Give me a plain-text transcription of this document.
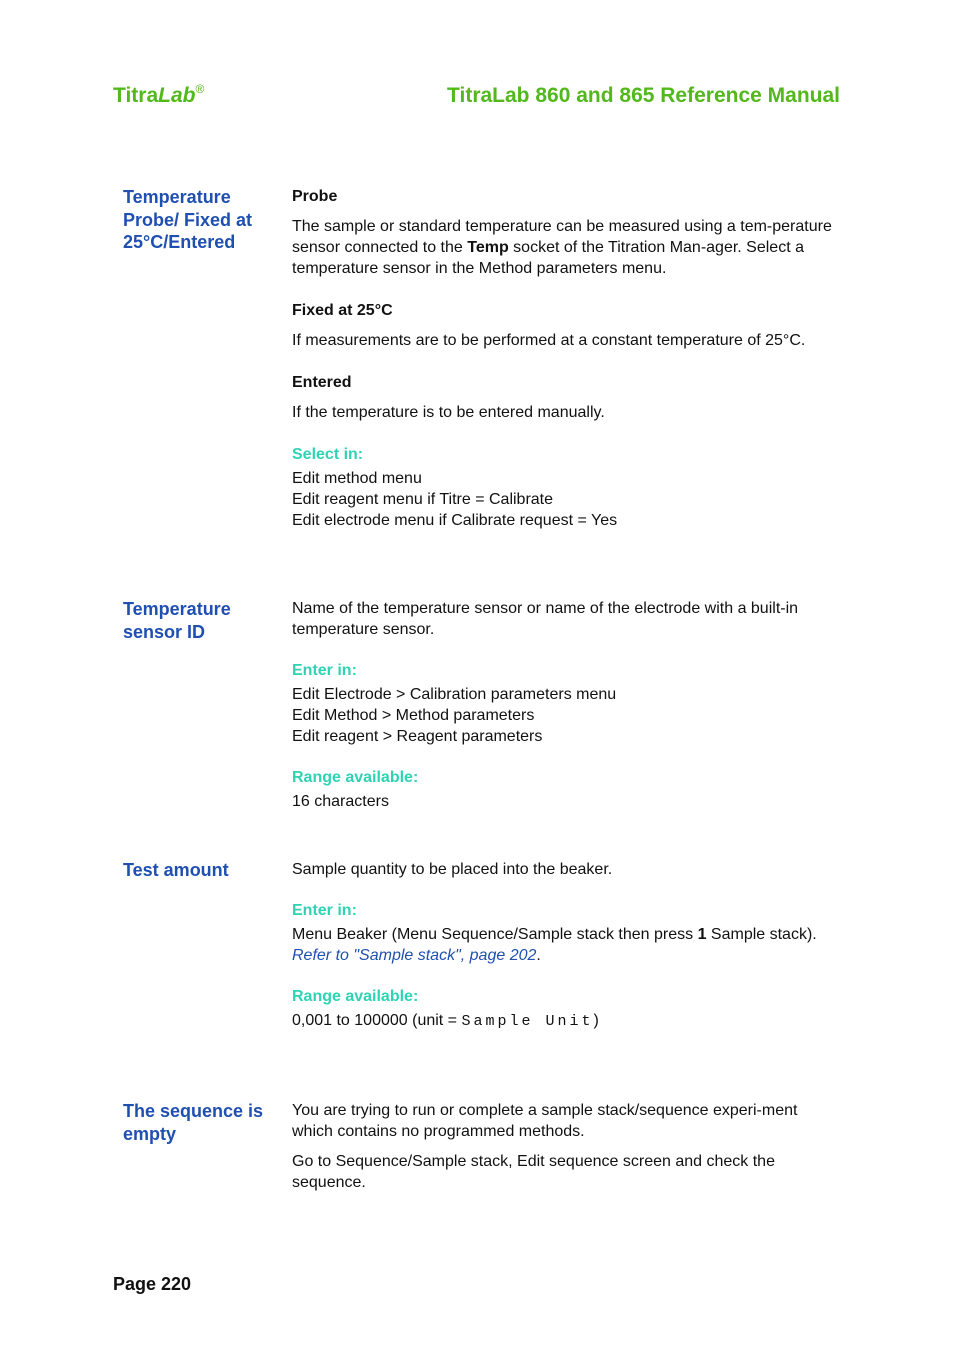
TitraLab®	TitraLab 860 and 865 Reference Manual
Temperature Probe/ Fixed at 25°C/Entered

Probe

The sample or standard temperature can be measured using a tem-perature sensor connected to the Temp socket of the Titration Man-ager. Select a temperature sensor in the Method parameters menu.

Fixed at 25°C

If measurements are to be performed at a constant temperature of 25°C.

Entered

If the temperature is to be entered manually.

Select in:

Edit method menu

Edit reagent menu if Titre = Calibrate

Edit electrode menu if Calibrate request = Yes

Temperature sensor ID

Name of the temperature sensor or name of the electrode with a built-in temperature sensor.

Enter in:

Edit Electrode > Calibration parameters menu

Edit Method > Method parameters

Edit reagent > Reagent parameters

Range available:

16 characters

Test amount	Sample quantity to be placed into the beaker.

Enter in:

Menu Beaker (Menu Sequence/Sample stack then press 1 Sample stack).

Refer to "Sample stack", page 202.

Range available:

0,001 to 100000 (unit = Sample Unit)

The sequence is empty

You are trying to run or complete a sample stack/sequence experi-ment which contains no programmed methods.

Go to Sequence/Sample stack, Edit sequence screen and check the sequence.

Page 220
